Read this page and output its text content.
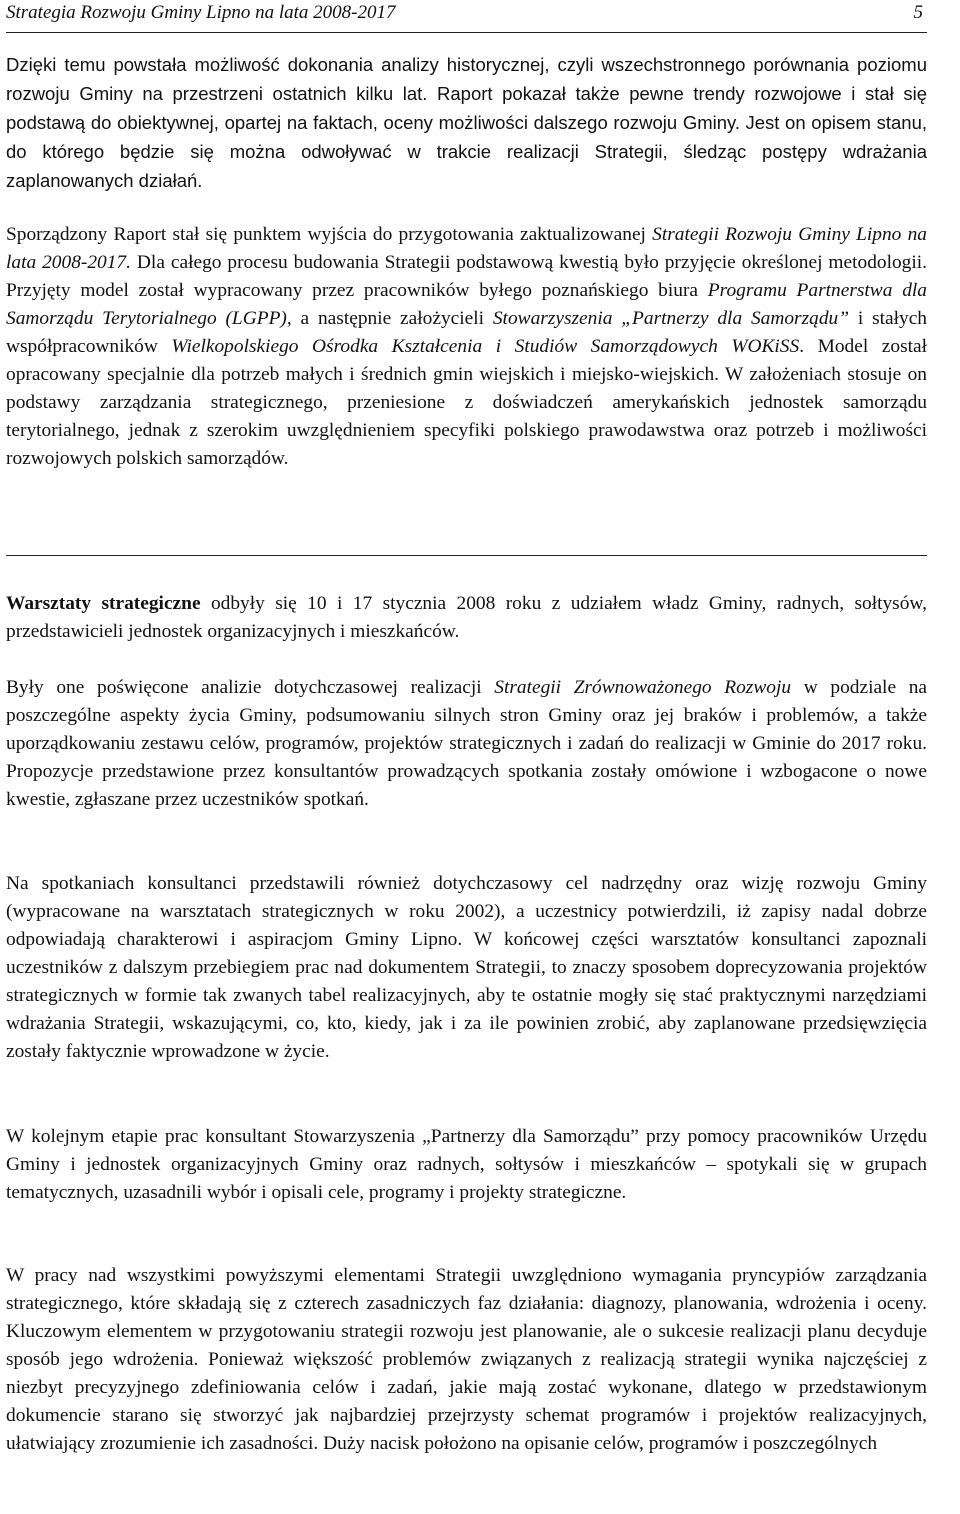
Strategia Rozwoju Gminy Lipno na lata 2008-2017	5

Dzięki temu powstała możliwość dokonania analizy historycznej, czyli wszechstronnego porównania poziomu rozwoju Gminy na przestrzeni ostatnich kilku lat. Raport pokazał także pewne trendy rozwojowe i stał się podstawą do obiektywnej, opartej na faktach, oceny możliwości dalszego rozwoju Gminy. Jest on opisem stanu, do którego będzie się można odwoływać w trakcie realizacji Strategii, śledząc postępy wdrażania zaplanowanych działań.

Sporządzony Raport stał się punktem wyjścia do przygotowania zaktualizowanej Strategii Rozwoju Gminy Lipno na lata 2008-2017. Dla całego procesu budowania Strategii podstawową kwestią było przyjęcie określonej metodologii. Przyjęty model został wypracowany przez pracowników byłego poznańskiego biura Programu Partnerstwa dla Samorządu Terytorialnego (LGPP), a następnie założycieli Stowarzyszenia „Partnerzy dla Samorządu” i stałych współpracowników Wielkopolskiego Ośrodka Kształcenia i Studiów Samorządowych WOKiSS. Model został opracowany specjalnie dla potrzeb małych i średnich gmin wiejskich i miejsko-wiejskich. W założeniach stosuje on podstawy zarządzania strategicznego, przeniesione z doświadczeń amerykańskich jednostek samorządu terytorialnego, jednak z szerokim uwzględnieniem specyfiki polskiego prawodawstwa oraz potrzeb i możliwości rozwojowych polskich samorządów.

Warsztaty strategiczne odbyły się 10 i 17 stycznia 2008 roku z udziałem władz Gminy, radnych, sołtysów, przedstawicieli jednostek organizacyjnych i mieszkańców.

Były one poświęcone analizie dotychczasowej realizacji Strategii Zrównoważonego Rozwoju w podziale na poszczególne aspekty życia Gminy, podsumowaniu silnych stron Gminy oraz jej braków i problemów, a także uporządkowaniu zestawu celów, programów, projektów strategicznych i zadań do realizacji w Gminie do 2017 roku. Propozycje przedstawione przez konsultantów prowadzących spotkania zostały omówione i wzbogacone o nowe kwestie, zgłaszane przez uczestników spotkań.

Na spotkaniach konsultanci przedstawili również dotychczasowy cel nadrzędny oraz wizję rozwoju Gminy (wypracowane na warsztatach strategicznych w roku 2002), a uczestnicy potwierdzili, iż zapisy nadal dobrze odpowiadają charakterowi i aspiracjom Gminy Lipno. W końcowej części warsztatów konsultanci zapoznali uczestników z dalszym przebiegiem prac nad dokumentem Strategii, to znaczy sposobem doprecyzowania projektów strategicznych w formie tak zwanych tabel realizacyjnych, aby te ostatnie mogły się stać praktycznymi narzędziami wdrażania Strategii, wskazującymi, co, kto, kiedy, jak i za ile powinien zrobić, aby zaplanowane przedsięwzięcia zostały faktycznie wprowadzone w życie.

W kolejnym etapie prac konsultant Stowarzyszenia „Partnerzy dla Samorządu” przy pomocy pracowników Urzędu Gminy i jednostek organizacyjnych Gminy oraz radnych, sołtysów i mieszkańców – spotykali się w grupach tematycznych, uzasadnili wybór i opisali cele, programy i projekty strategiczne.

W pracy nad wszystkimi powyższymi elementami Strategii uwzględniono wymagania pryncypiów zarządzania strategicznego, które składają się z czterech zasadniczych faz działania: diagnozy, planowania, wdrożenia i oceny. Kluczowym elementem w przygotowaniu strategii rozwoju jest planowanie, ale o sukcesie realizacji planu decyduje sposób jego wdrożenia. Ponieważ większość problemów związanych z realizacją strategii wynika najczęściej z niezbyt precyzyjnego zdefiniowania celów i zadań, jakie mają zostać wykonane, dlatego w przedstawionym dokumencie starano się stworzyć jak najbardziej przejrzysty schemat programów i projektów realizacyjnych, ułatwiający zrozumienie ich zasadności. Duży nacisk położono na opisanie celów, programów i poszczególnych
